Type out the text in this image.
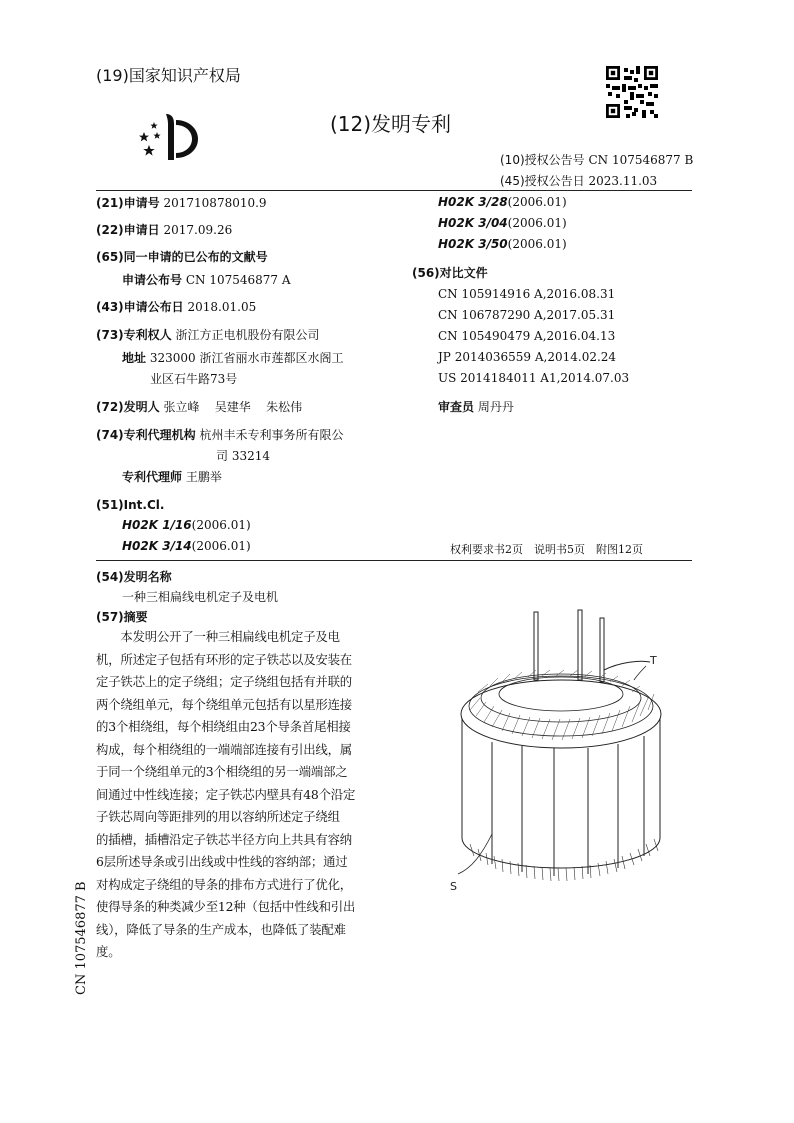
(19)国家知识产权局
(12)发明专利
(10)授权公告号 CN 107546877 B
(45)授权公告日 2023.11.03
(21)申请号 201710878010.9
(22)申请日 2017.09.26
(65)同一申请的已公布的文献号
申请公布号 CN 107546877 A
(43)申请公布日 2018.01.05
(73)专利权人 浙江方正电机股份有限公司
地址 323000 浙江省丽水市莲都区水阁工
业区石牛路73号
(72)发明人 张立峰 吴建华 朱松伟
(74)专利代理机构 杭州丰禾专利事务所有限公
司 33214
专利代理师 王鹏举
(51)Int.Cl.
H02K 1/16(2006.01)
H02K 3/14(2006.01)
H02K 3/28(2006.01)
H02K 3/04(2006.01)
H02K 3/50(2006.01)
(56)对比文件
CN 105914916 A,2016.08.31
CN 106787290 A,2017.05.31
CN 105490479 A,2016.04.13
JP 2014036559 A,2014.02.24
US 2014184011 A1,2014.07.03
审查员 周丹丹
权利要求书2页　说明书5页　附图12页
(54)发明名称
一种三相扁线电机定子及电机
(57)摘要
　　本发明公开了一种三相扁线电机定子及电
机，所述定子包括有环形的定子铁芯以及安装在
定子铁芯上的定子绕组；定子绕组包括有并联的
两个绕组单元，每个绕组单元包括有以星形连接
的3个相绕组，每个相绕组由23个导条首尾相接
构成，每个相绕组的一端端部连接有引出线，属
于同一个绕组单元的3个相绕组的另一端端部之
间通过中性线连接；定子铁芯内壁具有48个沿定
子铁芯周向等距排列的用以容纳所述定子绕组
的插槽，插槽沿定子铁芯半径方向上共具有容纳
6层所述导条或引出线或中性线的容纳部；通过
对构成定子绕组的导条的排布方式进行了优化，
使得导条的种类减少至12种（包括中性线和引出
线），降低了导条的生产成本，也降低了装配难
度。
T
S
CN 107546877 B
